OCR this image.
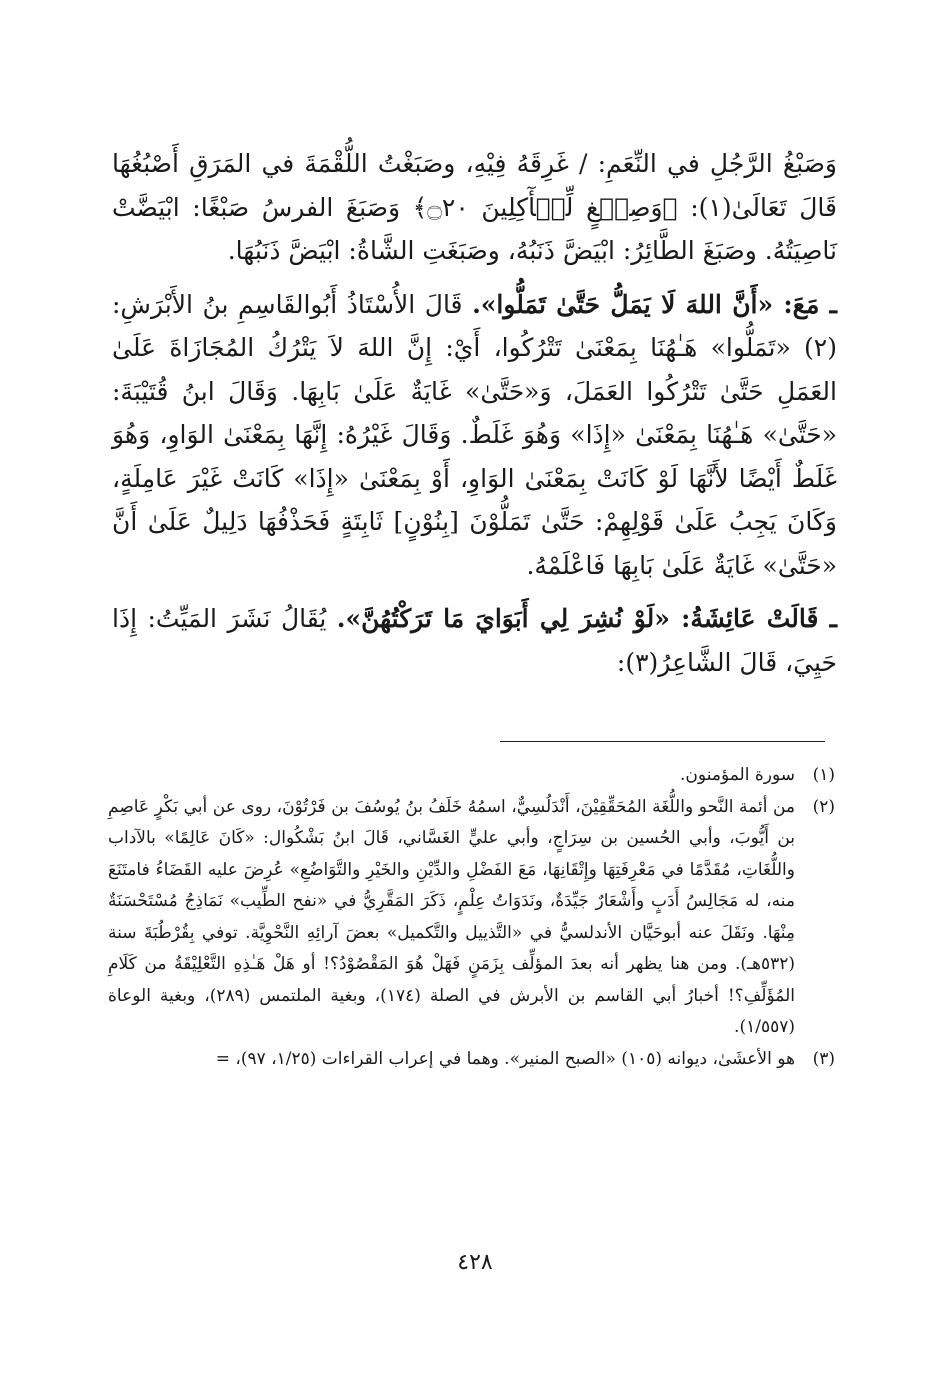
وَصَبْغُ الرَّجُلِ في النِّعَمِ: / غَرِقَهُ فِيْهِ، وصَبَغْتُ اللُّقْمَةَ في المَرَقِ أَصْبُغُهَا قَالَ تَعَالَىٰ(١): ﴿وَصِبۡغٍ لِّلۡأٓكِلِينَ ۝٢٠﴾ وَصَبَغَ الفرسُ صَبْغًا: ابْيَضَّتْ نَاصِيَتُهُ. وصَبَغَ الطَّائِرُ: ابْيَضَّ ذَنَبُهُ، وصَبَغَتِ الشَّاةُ: ابْيَضَّ ذَنَبُهَا.

ـ مَعَ: «أَنَّ اللهَ لَا يَمَلُّ حَتَّىٰ تَمَلُّوا». قَالَ الأُسْتَاذُ أَبُوالقَاسِمِ بنُ الأَبْرَشِ:(٢) «تَمَلُّوا» هَـٰهُنَا بِمَعْنَىٰ تَتْرُكُوا، أَيْ: إِنَّ اللهَ لاَ يَتْرُكُ المُجَازَاةَ عَلَىٰ العَمَلِ حَتَّىٰ تَتْرُكُوا العَمَلَ، وَ«حَتَّىٰ» غَايَةٌ عَلَىٰ بَابِهَا. وَقَالَ ابنُ قُتَيْبَةَ: «حَتَّىٰ» هَـٰهُنَا بِمَعْنَىٰ «إِذَا» وَهُوَ غَلَطٌ. وَقَالَ غَيْرُهُ: إِنَّهَا بِمَعْنَىٰ الوَاوِ، وَهُوَ غَلَطٌ أَيْضًا لأَنَّهَا لَوْ كَانَتْ بِمَعْنَىٰ الوَاوِ، أَوْ بِمَعْنَىٰ «إِذَا» كَانَتْ غَيْرَ عَامِلَةٍ، وَكَانَ يَجِبُ عَلَىٰ قَوْلِهِمْ: حَتَّىٰ تَمَلُّوْنَ [بِنُوْنٍ] ثَابِتَةٍ فَحَذْفُهَا دَلِيلٌ عَلَىٰ أَنَّ «حَتَّىٰ» غَايَةٌ عَلَىٰ بَابِهَا فَاعْلَمْهُ.

ـ قَالَتْ عَائِشَةُ: «لَوْ نُشِرَ لِي أَبَوَايَ مَا تَرَكْتُهُنَّ». يُقَالُ نَشَرَ المَيِّتُ: إِذَا حَيِيَ، قَالَ الشَّاعِرُ(٣):

(١)
سورة المؤمنون.
(٢)
من أئمة النَّحو واللُّغَة المُحَقِّقِيْنَ، أَنْدَلُسِيٌّ، اسمُهُ خَلَفُ بنُ يُوسُفَ بن فَرْتُوْنَ، روى عن أبي بَكْرٍ عَاصِمِ بن أَيُّوبَ، وأبي الحُسين بن سِرَاجٍ، وأبي عليٍّ الغَسَّاني، قَالَ ابنُ بَشْكُوال: «كَانَ عَالِمًا» بالآداب واللُّغَاتِ، مُقَدَّمًا في مَعْرِفَتِهَا وإِتْقَانِهَا، مَعَ الفَضْلِ والدِّيْنِ والخَيْرِ والتَّوَاضُعِ» عُرِضَ عليه القَضَاءُ فامتَنَعَ منه، له مَجَالِسُ أَدَبٍ وأَشْعَارٌ جَيِّدَةٌ، ونَدَوَاتُ عِلْمٍ، ذَكَرَ المَقَّرِيُّ في «نفح الطِّيب» نَمَاذِجُ مُسْتَحْسَنَةٌ مِنْهَا. ونَقَلَ عنه أبوحَيَّان الأندلسيُّ في «التَّذييل والتَّكميل» بعضَ آرائِهِ النَّحْوِيَّة. توفي بِقُرْطُبَةَ سنة (٥٣٢هـ). ومن هنا يظهر أنه بعدَ المؤلِّف بِزَمَنٍ فَهَلْ هُوَ المَقْصُوْدُ؟! أو هَلْ هَـٰذِهِ التَّعْلِيْقَةُ من كَلَامِ المُؤَلِّفِ؟! أخبارُ أبي القاسم بن الأبرش في الصلة (١٧٤)، وبغية الملتمس (٢٨٩)، وبغية الوعاة (١/٥٥٧).
(٣)
هو الأعشَىٰ، ديوانه (١٠٥) «الصبح المنير». وهما في إعراب القراءات (١/٢٥، ٩٧)، =
٤٢٨
